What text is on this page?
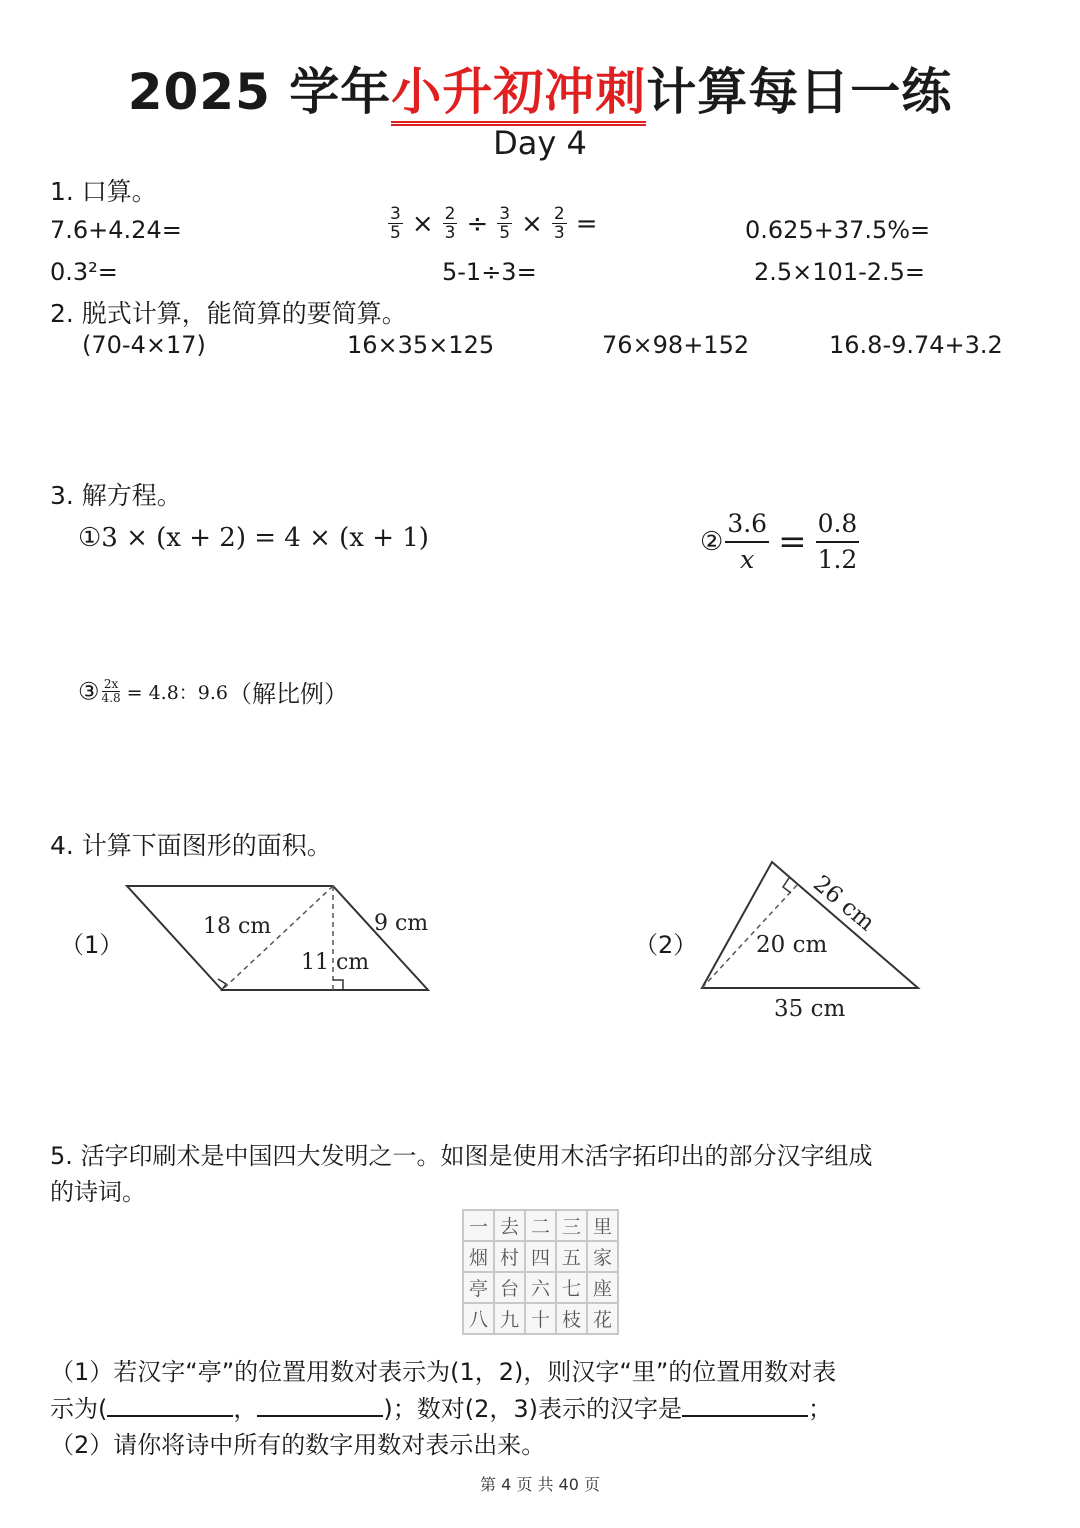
2025 学年小升初冲刺计算每日一练
Day 4
1. 口算。
7.6+4.24=	$\frac{3}{5} \times \frac{2}{3} \div \frac{3}{5} \times \frac{2}{3}$ =	0.625+37.5%=
0.3²=	5-1÷3=	2.5×101-2.5=
2. 脱式计算，能简算的要简算。
(70-4×17)	16×35×125	76×98+152	16.8-9.74+3.2
3. 解方程。
①3 × (x + 2) = 4 × (x + 1)	② $\frac{3.6}{x} = \frac{0.8}{1.2}$
③ $\frac{2x}{4.8} = 4.8$：9.6（解比例）
4. 计算下面图形的面积。
（1）	（2）
18 cm	9 cm
11 cm
20 cm
35 cm
26 cm
5. 活字印刷术是中国四大发明之一。如图是使用木活字拓印出的部分汉字组成
的诗词。
一	去	二	三	里
烟	村	四	五	家
亭	台	六	七	座
八	九	十	枝	花
（1）若汉字“亭”的位置用数对表示为(1，2)，则汉字“里”的位置用数对表
示为(	，	)；数对(2，3)表示的汉字是	；
（2）请你将诗中所有的数字用数对表示出来。
第 4 页 共 40 页
